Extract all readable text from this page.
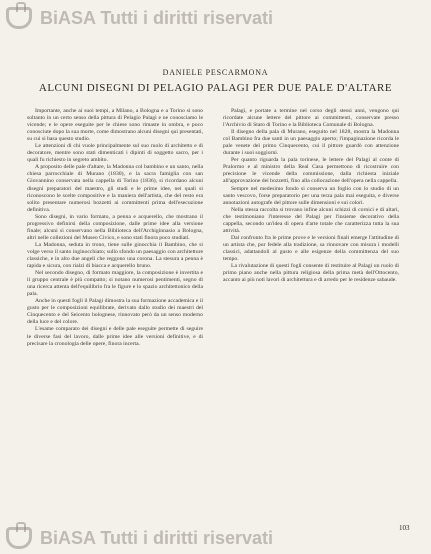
BiASA Tutti i diritti riservati
DANIELE PESCARMONA
ALCUNI DISEGNI DI PELAGIO PALAGI PER DUE PALE D'ALTARE

Importante, anche ai suoi tempi, a Milano, a Bologna e a Torino si sono soltanto in un certo senso della pittura di Pelagio Palagi e ne conosciamo le vicende; e le opere eseguite per le chiese sono rimaste in ombra, e poco conosciute dopo la sua morte, come dimostrano alcuni disegni qui presentati, su cui si basa questo studio.

Le attenzioni di chi vuole principalmente sul suo ruolo di architetto e di decoratore, mentre sono stati dimenticati i dipinti di soggetto sacro, per i quali fu richiesto in segreto ambito.

A proposito delle pale d'altare, la Madonna col bambino e un santo, nella chiesa parrocchiale di Murano (1830), e la sacra famiglia con san Giovannino conservata nella cappella di Torino (1836), si ricordano alcuni disegni preparatori del maestro, gli studi e le prime idee, nei quali si riconoscono le scelte compositive e la maniera dell'artista, che del resto era solito presentare numerosi bozzetti ai committenti prima dell'esecuzione definitiva.

Sono disegni, in vario formato, a penna e acquerello, che mostrano il progressivo definirsi della composizione, dalle prime idee alla versione finale; alcuni si conservano nella Biblioteca dell'Archiginnasio a Bologna, altri nelle collezioni del Museo Civico, e sono stati finora poco studiati.

La Madonna, seduta in trono, tiene sulle ginocchia il Bambino, che si volge verso il santo inginocchiato; sullo sfondo un paesaggio con architetture classiche, e in alto due angeli che reggono una corona. La stesura a penna è rapida e sicura, con rialzi di biacca e acquerello bruno.

Nel secondo disegno, di formato maggiore, la composizione è invertita e il gruppo centrale è più compatto; si notano numerosi pentimenti, segno di una ricerca attenta dell'equilibrio fra le figure e lo spazio architettonico della pala.

Anche in questi fogli il Palagi dimostra la sua formazione accademica e il gusto per le composizioni equilibrate, derivato dallo studio dei maestri del Cinquecento e del Seicento bolognese, rinnovato però da un senso moderno della luce e del colore.

L'esame comparato dei disegni e delle pale eseguite permette di seguire le diverse fasi del lavoro, dalle prime idee alle versioni definitive, e di precisare la cronologia delle opere, finora incerta.

Palagi, e portate a termine nel corso degli stessi anni, vengono qui ricordate alcune lettere del pittore ai committenti, conservate presso l'Archivio di Stato di Torino e la Biblioteca Comunale di Bologna.

Il disegno della pala di Murano, eseguito nel 1828, mostra la Madonna col Bambino fra due santi in un paesaggio aperto; l'impaginazione ricorda le pale venete del primo Cinquecento, cui il pittore guardò con attenzione durante i suoi soggiorni.

Per quanto riguarda la pala torinese, le lettere del Palagi al conte di Pralormo e al ministro della Real Casa permettono di ricostruire con precisione le vicende della commissione, dalla richiesta iniziale all'approvazione dei bozzetti, fino alla collocazione dell'opera nella cappella.

Sempre nel medesimo fondo si conserva un foglio con lo studio di un santo vescovo, forse preparatorio per una terza pala mai eseguita, e diverse annotazioni autografe del pittore sulle dimensioni e sui colori.

Nella stessa raccolta si trovano infine alcuni schizzi di cornici e di altari, che testimoniano l'interesse del Palagi per l'insieme decorativo della cappella, secondo un'idea di opera d'arte totale che caratterizza tutta la sua attività.

Dal confronto fra le prime prove e le versioni finali emerge l'attitudine di un artista che, pur fedele alla tradizione, sa rinnovare con misura i modelli classici, adattandoli al gusto e alle esigenze della committenza del suo tempo.

La rivalutazione di questi fogli consente di restituire al Palagi un ruolo di primo piano anche nella pittura religiosa della prima metà dell'Ottocento, accanto ai più noti lavori di architettura e di arredo per le residenze sabaude.

103
BiASA Tutti i diritti riservati
